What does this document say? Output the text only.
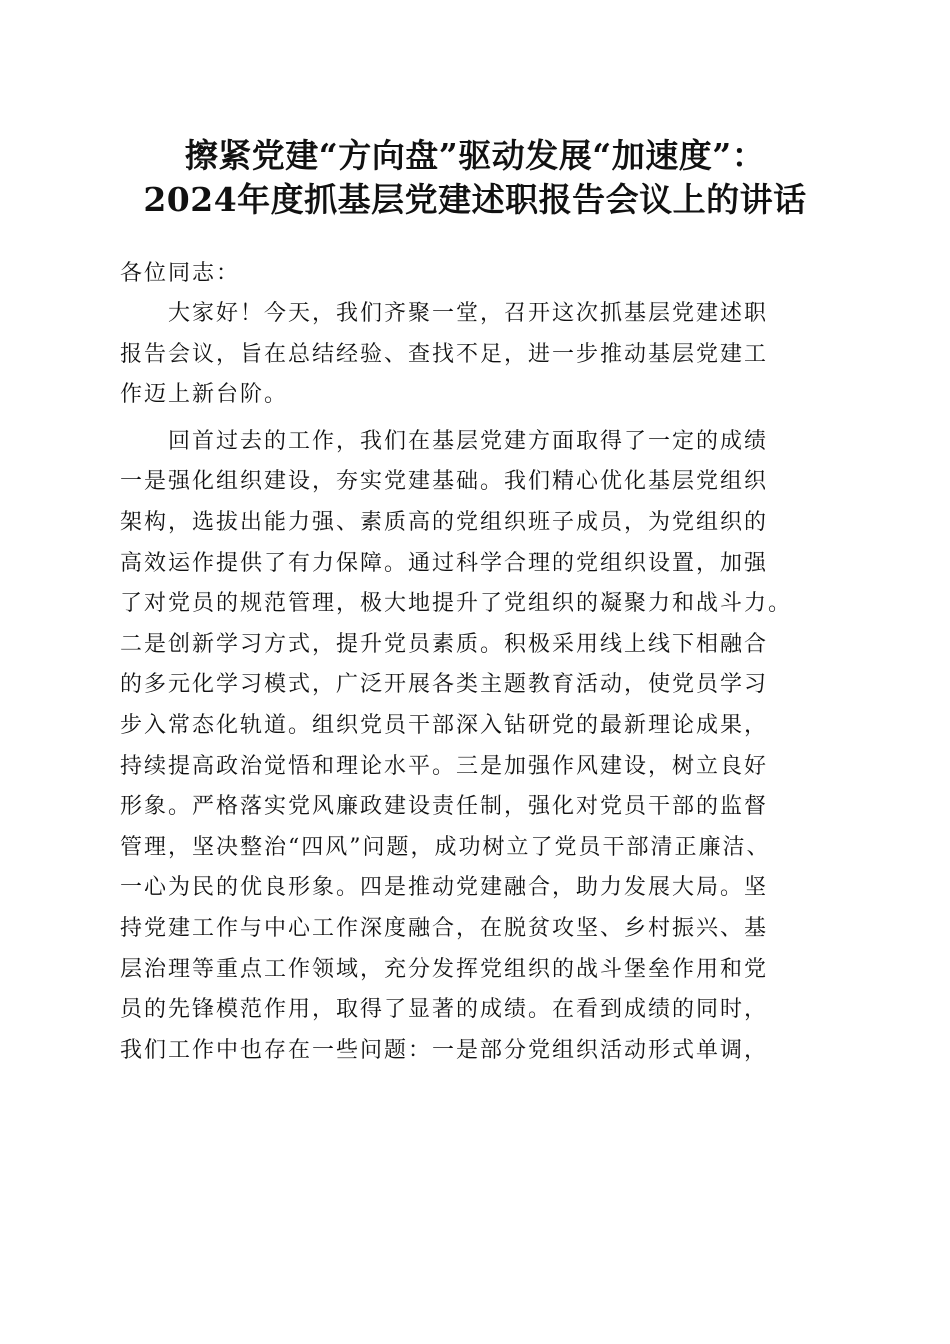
擦紧党建“方向盘”驱动发展“加速度”：
2024年度抓基层党建述职报告会议上的讲话
各位同志：
大家好！今天，我们齐聚一堂，召开这次抓基层党建述职
报告会议，旨在总结经验、查找不足，进一步推动基层党建工
作迈上新台阶。
回首过去的工作，我们在基层党建方面取得了一定的成绩
一是强化组织建设，夯实党建基础。我们精心优化基层党组织
架构，选拔出能力强、素质高的党组织班子成员，为党组织的
高效运作提供了有力保障。通过科学合理的党组织设置，加强
了对党员的规范管理，极大地提升了党组织的凝聚力和战斗力。
二是创新学习方式，提升党员素质。积极采用线上线下相融合
的多元化学习模式，广泛开展各类主题教育活动，使党员学习
步入常态化轨道。组织党员干部深入钻研党的最新理论成果，
持续提高政治觉悟和理论水平。三是加强作风建设，树立良好
形象。严格落实党风廉政建设责任制，强化对党员干部的监督
管理，坚决整治“四风”问题，成功树立了党员干部清正廉洁、
一心为民的优良形象。四是推动党建融合，助力发展大局。坚
持党建工作与中心工作深度融合，在脱贫攻坚、乡村振兴、基
层治理等重点工作领域，充分发挥党组织的战斗堡垒作用和党
员的先锋模范作用，取得了显著的成绩。在看到成绩的同时，
我们工作中也存在一些问题：一是部分党组织活动形式单调，
